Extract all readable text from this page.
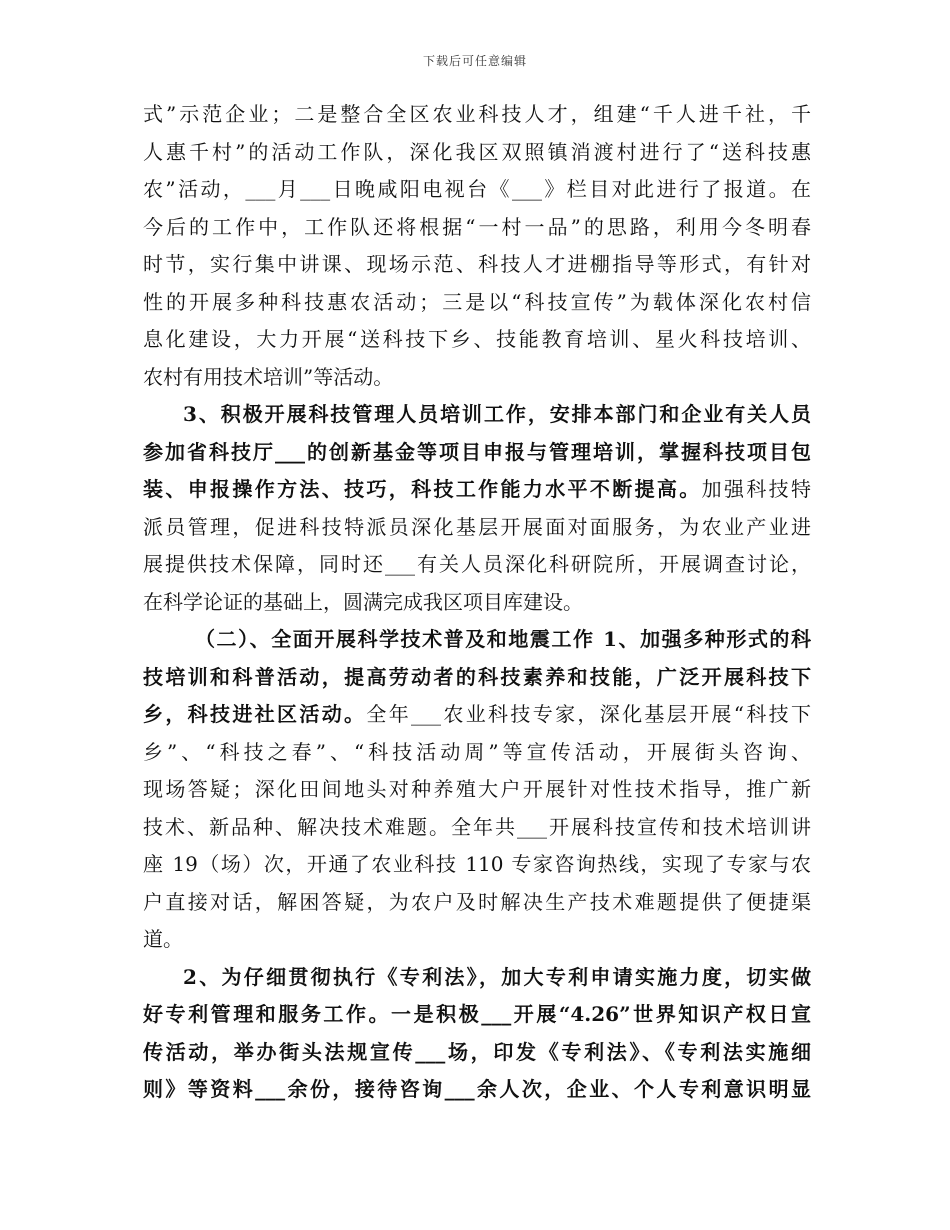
下载后可任意编辑
式”示范企业；二是整合全区农业科技人才，组建“千人进千社，千
人惠千村”的活动工作队，深化我区双照镇消渡村进行了“送科技惠
农”活动，___月___日晚咸阳电视台《___》栏目对此进行了报道。在
今后的工作中，工作队还将根据“一村一品”的思路，利用今冬明春
时节，实行集中讲课、现场示范、科技人才进棚指导等形式，有针对
性的开展多种科技惠农活动；三是以“科技宣传”为载体深化农村信
息化建设，大力开展“送科技下乡、技能教育培训、星火科技培训、
农村有用技术培训”等活动。
3、积极开展科技管理人员培训工作，安排本部门和企业有关人员
参加省科技厅___的创新基金等项目申报与管理培训，掌握科技项目包
装、申报操作方法、技巧，科技工作能力水平不断提高。加强科技特
派员管理，促进科技特派员深化基层开展面对面服务，为农业产业进
展提供技术保障，同时还___有关人员深化科研院所，开展调查讨论，
在科学论证的基础上，圆满完成我区项目库建设。
（二）、全面开展科学技术普及和地震工作 1、加强多种形式的科
技培训和科普活动，提高劳动者的科技素养和技能，广泛开展科技下
乡，科技进社区活动。全年___农业科技专家，深化基层开展“科技下
乡”、“科技之春”、“科技活动周”等宣传活动，开展街头咨询、
现场答疑；深化田间地头对种养殖大户开展针对性技术指导，推广新
技术、新品种、解决技术难题。全年共___开展科技宣传和技术培训讲
座 19（场）次，开通了农业科技 110 专家咨询热线，实现了专家与农
户直接对话，解困答疑，为农户及时解决生产技术难题提供了便捷渠
道。
2、为仔细贯彻执行《专利法》，加大专利申请实施力度，切实做
好专利管理和服务工作。一是积极___开展“4.26”世界知识产权日宣
传活动，举办街头法规宣传___场，印发《专利法》、《专利法实施细
则》等资料___余份，接待咨询___余人次，企业、个人专利意识明显
